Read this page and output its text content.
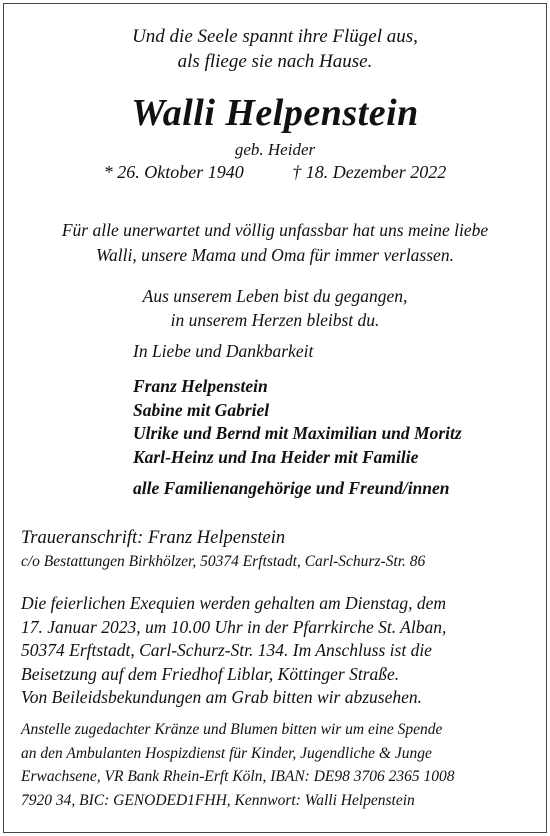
Und die Seele spannt ihre Flügel aus,
als fliege sie nach Hause.
Walli Helpenstein
geb. Heider
* 26. Oktober 1940	† 18. Dezember 2022
Für alle unerwartet und völlig unfassbar hat uns meine liebe
Walli, unsere Mama und Oma für immer verlassen.
Aus unserem Leben bist du gegangen,
in unserem Herzen bleibst du.
In Liebe und Dankbarkeit
Franz Helpenstein
Sabine mit Gabriel
Ulrike und Bernd mit Maximilian und Moritz
Karl-Heinz und Ina Heider mit Familie
alle Familienangehörige und Freund/innen
Traueranschrift: Franz Helpenstein
c/o Bestattungen Birkhölzer, 50374 Erftstadt, Carl-Schurz-Str. 86
Die feierlichen Exequien werden gehalten am Dienstag, dem
17. Januar 2023, um 10.00 Uhr in der Pfarrkirche St. Alban,
50374 Erftstadt, Carl-Schurz-Str. 134. Im Anschluss ist die
Beisetzung auf dem Friedhof Liblar, Köttinger Straße.
Von Beileidsbekundungen am Grab bitten wir abzusehen.
Anstelle zugedachter Kränze und Blumen bitten wir um eine Spende
an den Ambulanten Hospizdienst für Kinder, Jugendliche & Junge
Erwachsene, VR Bank Rhein-Erft Köln, IBAN: DE98 3706 2365 1008
7920 34, BIC: GENODED1FHH, Kennwort: Walli Helpenstein
